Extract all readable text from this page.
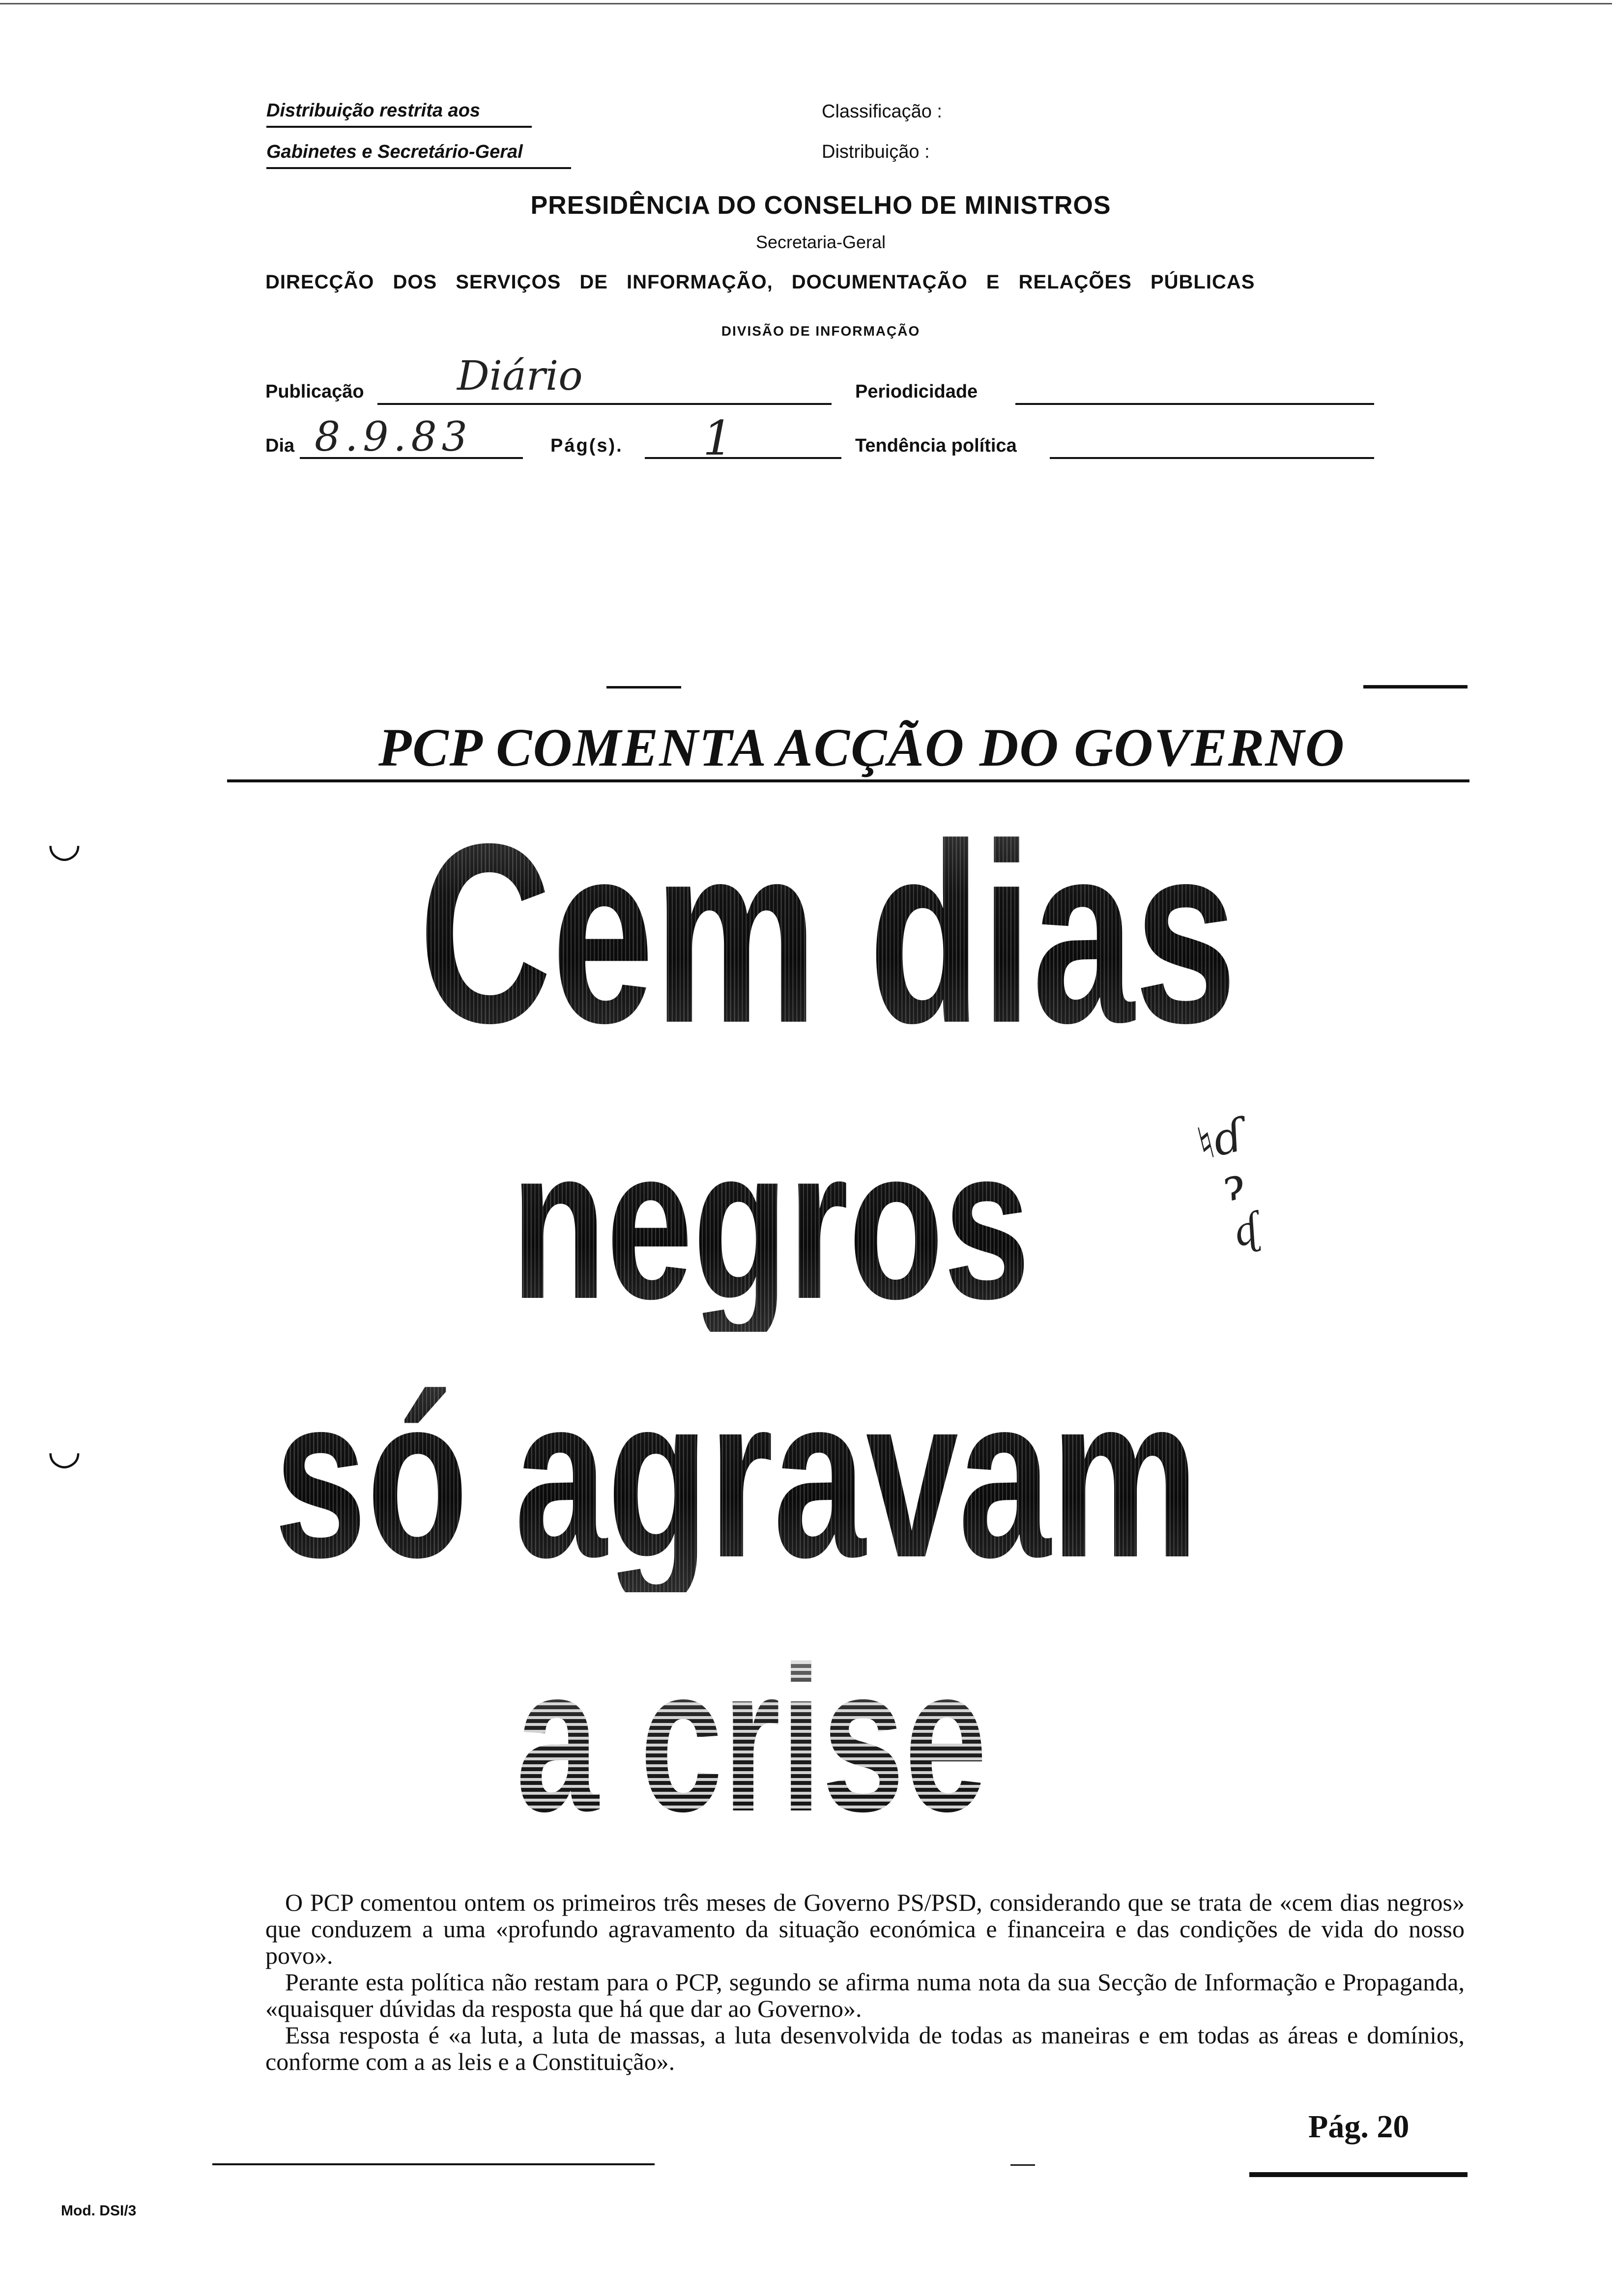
Distribuição restrita aos
Gabinetes e Secretário-Geral
Classificação :
Distribuição :
PRESIDÊNCIA DO CONSELHO DE MINISTROS
Secretaria-Geral
DIRECÇÃO DOS SERVIÇOS DE INFORMAÇÃO, DOCUMENTAÇÃO E RELAÇÕES PÚBLICAS
DIVISÃO DE INFORMAÇÃO
Publicação Diário	Periodicidade
Dia 8.9.83	Pág(s). 1	Tendência política
PCP COMENTA ACÇÃO DO GOVERNO
Cem dias
negros
só agravam
a crise
♮ɗ
ɂ
ᶑ

O PCP comentou ontem os primeiros três meses de Governo PS/PSD, considerando que se trata de «cem dias negros» que conduzem a uma «profundo agravamento da situação económica e financeira e das condições de vida do nosso povo».

Perante esta política não restam para o PCP, segundo se afirma numa nota da sua Secção de Informação e Propaganda, «quaisquer dúvidas da resposta que há que dar ao Governo».

Essa resposta é «a luta, a luta de massas, a luta desenvolvida de todas as maneiras e em todas as áreas e domínios, conforme com a as leis e a Constituição».

Pág. 20
Mod. DSI/3
◡
◡
